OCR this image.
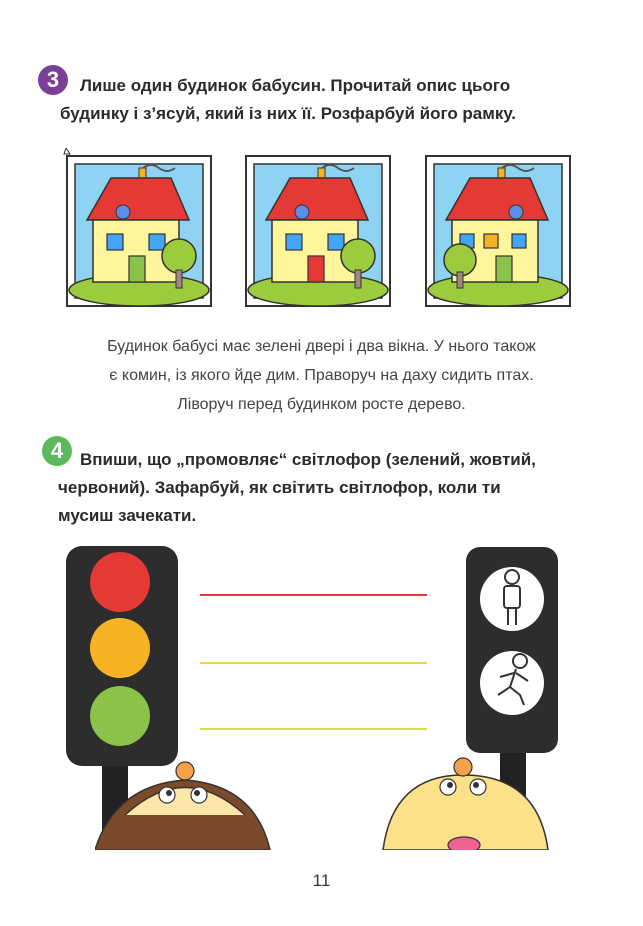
3	Лише один будинок бабусин. Прочитай опис цього

будинку і з’ясуй, який із них її. Розфарбуй його рамку.

Будинок бабусі має зелені двері і два вікна. У нього також

є комин, із якого йде дим. Праворуч на даху сидить птах.

Ліворуч перед будинком росте дерево.

4 Впиши, що „промовляє“ світлофор (зелений, жовтий,

червоний). Зафарбуй, як світить світлофор, коли ти

мусиш зачекати.

11
